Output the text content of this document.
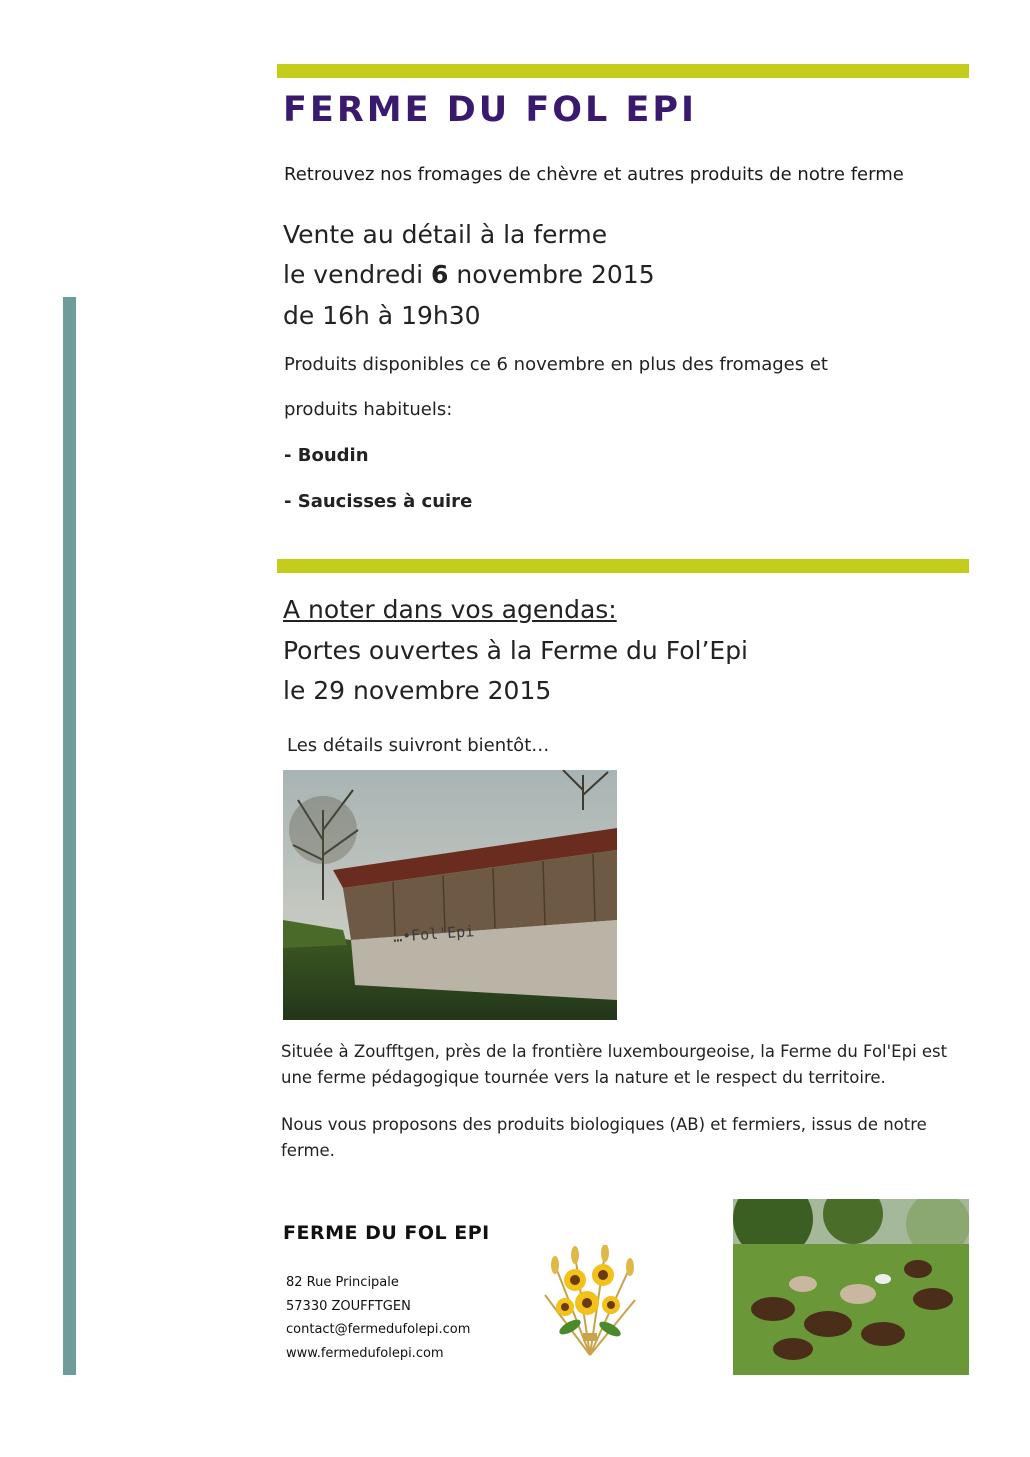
FERME DU FOL EPI
Retrouvez nos fromages de chèvre et autres produits de notre ferme
Vente au détail à la ferme
le vendredi 6 novembre 2015
de 16h à 19h30
Produits disponibles ce 6 novembre en plus des fromages et
produits habituels:
- Boudin
- Saucisses à cuire
A noter dans vos agendas:
Portes ouvertes à la Ferme du Fol’Epi
le 29 novembre 2015
Les détails suivront bientôt…
…•Fol'Epi
Située à Zoufftgen, près de la frontière luxembourgeoise, la Ferme du Fol'Epi est une ferme pédagogique tournée vers la nature et le respect du territoire.
Nous vous proposons des produits biologiques (AB) et fermiers, issus de notre ferme.
FERME DU FOL EPI
82 Rue Principale
57330 ZOUFFTGEN
contact@fermedufolepi.com
www.fermedufolepi.com
